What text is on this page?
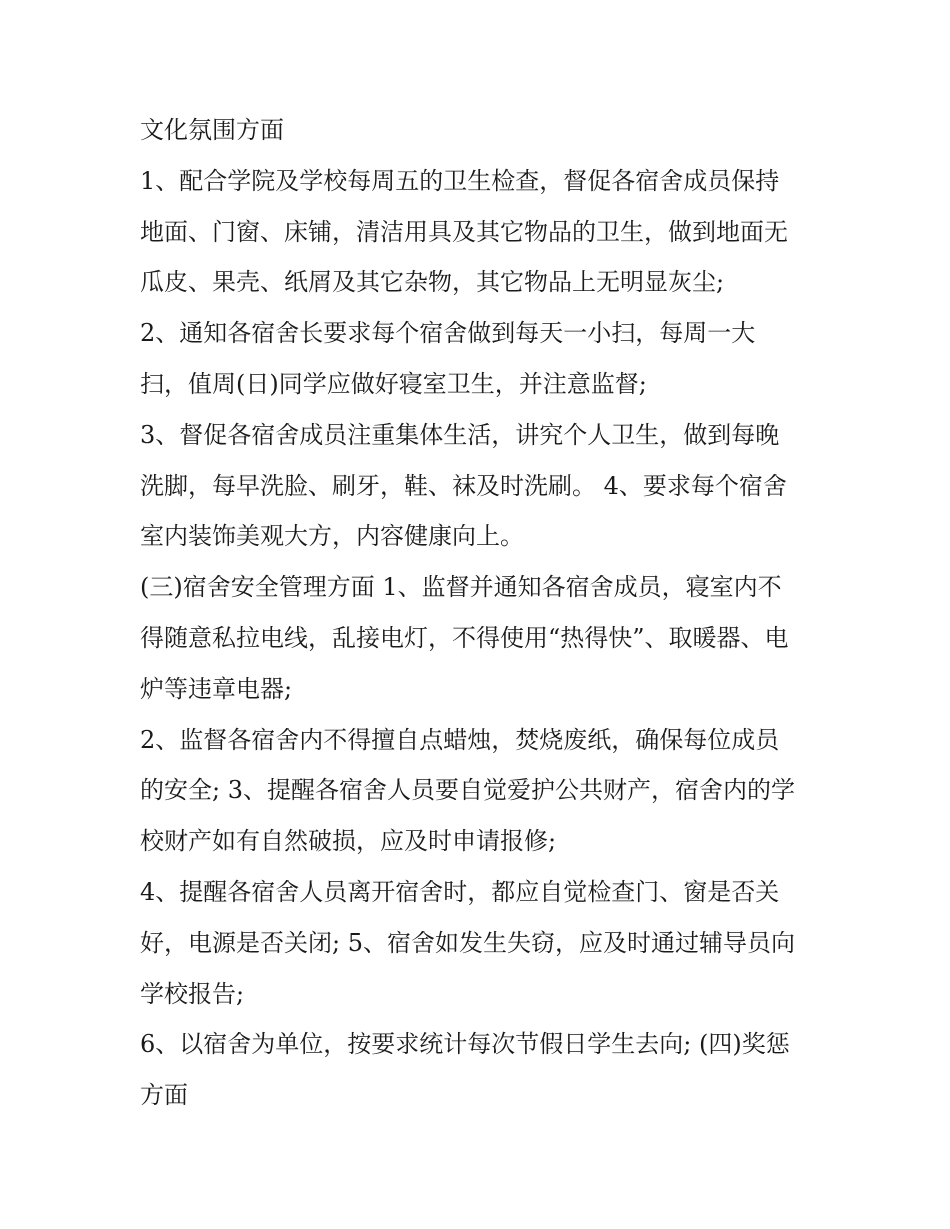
文化氛围方面
1、配合学院及学校每周五的卫生检查，督促各宿舍成员保持
地面、门窗、床铺，清洁用具及其它物品的卫生，做到地面无
瓜皮、果壳、纸屑及其它杂物，其它物品上无明显灰尘;
2、通知各宿舍长要求每个宿舍做到每天一小扫，每周一大
扫，值周(日)同学应做好寝室卫生，并注意监督;
3、督促各宿舍成员注重集体生活，讲究个人卫生，做到每晚
洗脚，每早洗脸、刷牙，鞋、袜及时洗刷。 4、要求每个宿舍
室内装饰美观大方，内容健康向上。
(三)宿舍安全管理方面 1、监督并通知各宿舍成员，寝室内不
得随意私拉电线，乱接电灯，不得使用“热得快”、取暖器、电
炉等违章电器;
2、监督各宿舍内不得擅自点蜡烛，焚烧废纸，确保每位成员
的安全; 3、提醒各宿舍人员要自觉爱护公共财产，宿舍内的学
校财产如有自然破损，应及时申请报修;
4、提醒各宿舍人员离开宿舍时，都应自觉检查门、窗是否关
好，电源是否关闭; 5、宿舍如发生失窃，应及时通过辅导员向
学校报告;
6、以宿舍为单位，按要求统计每次节假日学生去向; (四)奖惩
方面
